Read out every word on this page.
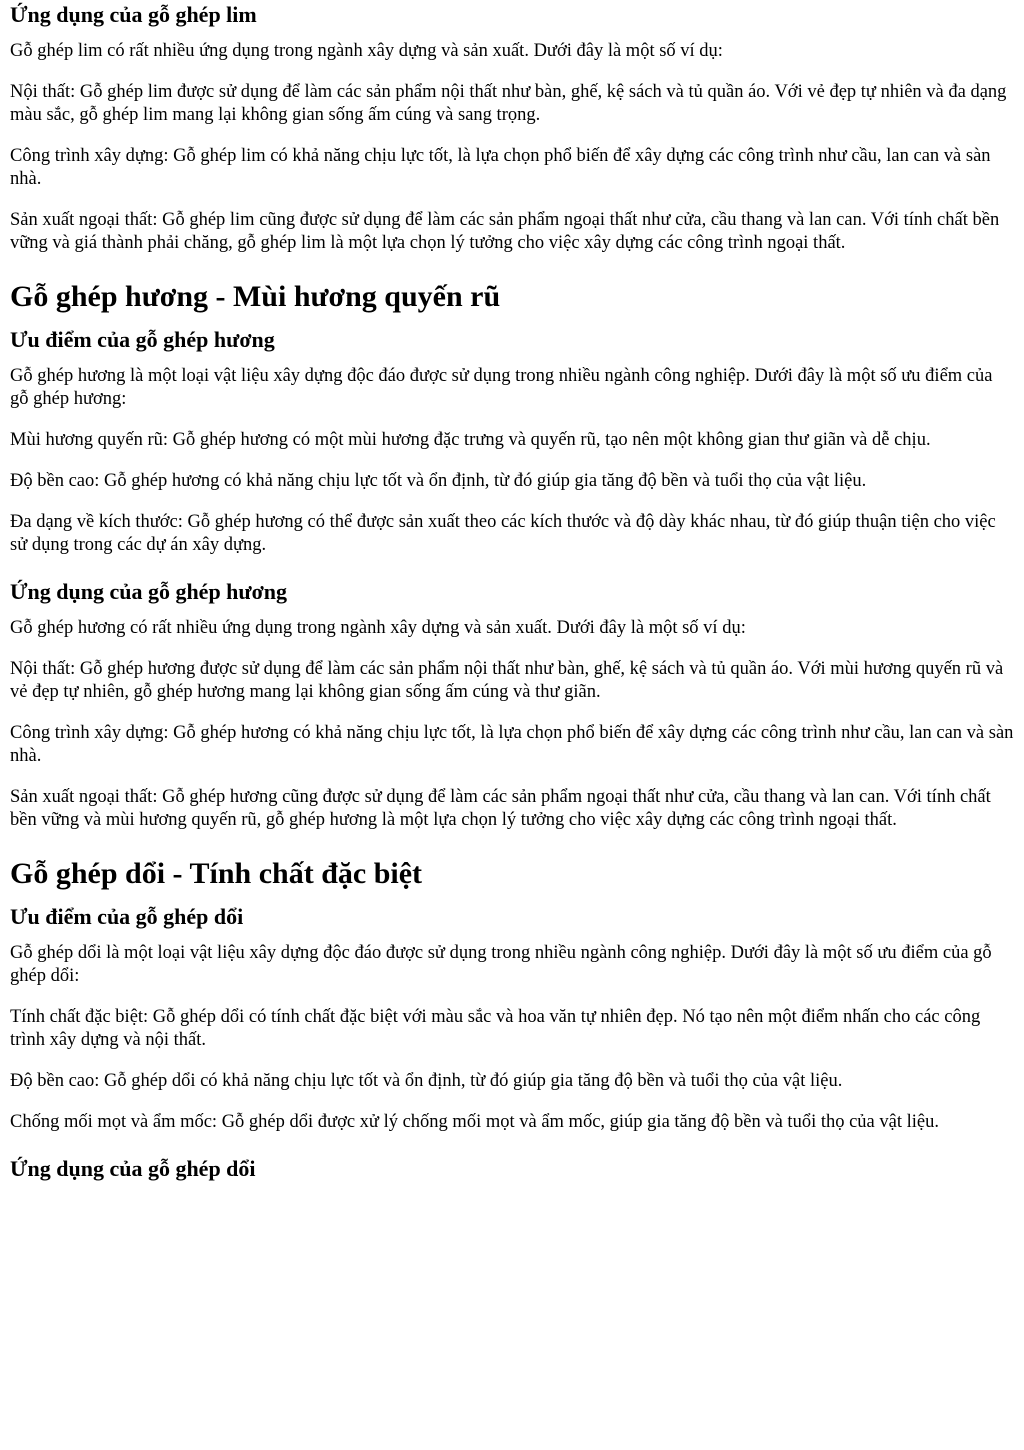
Ứng dụng của gỗ ghép lim

Gỗ ghép lim có rất nhiều ứng dụng trong ngành xây dựng và sản xuất. Dưới đây là một số ví dụ:

Nội thất: Gỗ ghép lim được sử dụng để làm các sản phẩm nội thất như bàn, ghế, kệ sách và tủ quần áo. Với vẻ đẹp tự nhiên và đa dạng màu sắc, gỗ ghép lim mang lại không gian sống ấm cúng và sang trọng.

Công trình xây dựng: Gỗ ghép lim có khả năng chịu lực tốt, là lựa chọn phổ biến để xây dựng các công trình như cầu, lan can và sàn nhà.

Sản xuất ngoại thất: Gỗ ghép lim cũng được sử dụng để làm các sản phẩm ngoại thất như cửa, cầu thang và lan can. Với tính chất bền vững và giá thành phải chăng, gỗ ghép lim là một lựa chọn lý tưởng cho việc xây dựng các công trình ngoại thất.

Gỗ ghép hương - Mùi hương quyến rũ
Ưu điểm của gỗ ghép hương

Gỗ ghép hương là một loại vật liệu xây dựng độc đáo được sử dụng trong nhiều ngành công nghiệp. Dưới đây là một số ưu điểm của gỗ ghép hương:

Mùi hương quyến rũ: Gỗ ghép hương có một mùi hương đặc trưng và quyến rũ, tạo nên một không gian thư giãn và dễ chịu.

Độ bền cao: Gỗ ghép hương có khả năng chịu lực tốt và ổn định, từ đó giúp gia tăng độ bền và tuổi thọ của vật liệu.

Đa dạng về kích thước: Gỗ ghép hương có thể được sản xuất theo các kích thước và độ dày khác nhau, từ đó giúp thuận tiện cho việc sử dụng trong các dự án xây dựng.

Ứng dụng của gỗ ghép hương

Gỗ ghép hương có rất nhiều ứng dụng trong ngành xây dựng và sản xuất. Dưới đây là một số ví dụ:

Nội thất: Gỗ ghép hương được sử dụng để làm các sản phẩm nội thất như bàn, ghế, kệ sách và tủ quần áo. Với mùi hương quyến rũ và vẻ đẹp tự nhiên, gỗ ghép hương mang lại không gian sống ấm cúng và thư giãn.

Công trình xây dựng: Gỗ ghép hương có khả năng chịu lực tốt, là lựa chọn phổ biến để xây dựng các công trình như cầu, lan can và sàn nhà.

Sản xuất ngoại thất: Gỗ ghép hương cũng được sử dụng để làm các sản phẩm ngoại thất như cửa, cầu thang và lan can. Với tính chất bền vững và mùi hương quyến rũ, gỗ ghép hương là một lựa chọn lý tưởng cho việc xây dựng các công trình ngoại thất.

Gỗ ghép dổi - Tính chất đặc biệt
Ưu điểm của gỗ ghép dổi

Gỗ ghép dổi là một loại vật liệu xây dựng độc đáo được sử dụng trong nhiều ngành công nghiệp. Dưới đây là một số ưu điểm của gỗ ghép dổi:

Tính chất đặc biệt: Gỗ ghép dổi có tính chất đặc biệt với màu sắc và hoa văn tự nhiên đẹp. Nó tạo nên một điểm nhấn cho các công trình xây dựng và nội thất.

Độ bền cao: Gỗ ghép dổi có khả năng chịu lực tốt và ổn định, từ đó giúp gia tăng độ bền và tuổi thọ của vật liệu.

Chống mối mọt và ẩm mốc: Gỗ ghép dổi được xử lý chống mối mọt và ẩm mốc, giúp gia tăng độ bền và tuổi thọ của vật liệu.

Ứng dụng của gỗ ghép dổi
